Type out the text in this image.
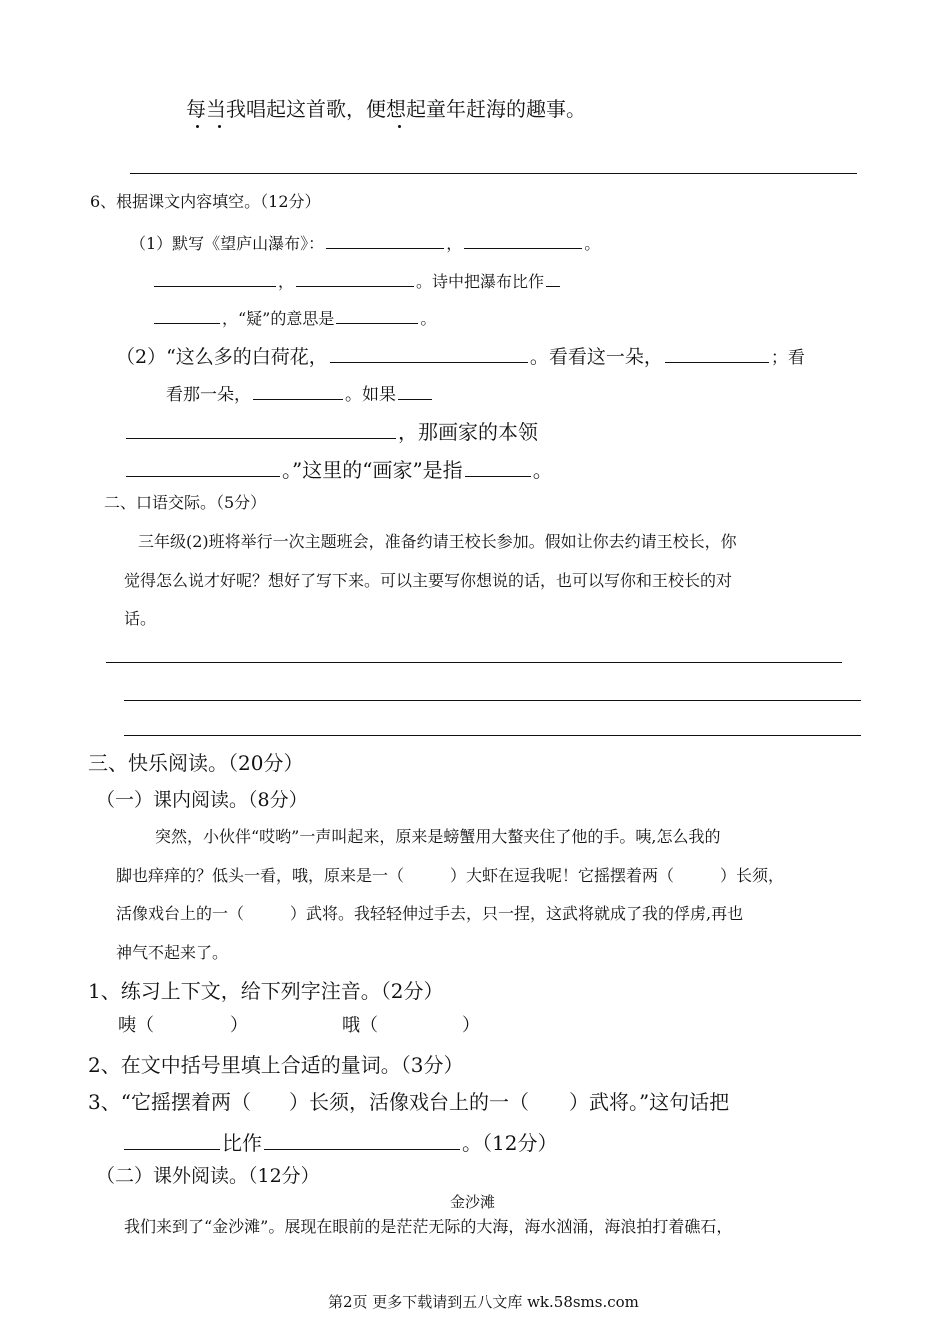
每当我唱起这首歌，便想起童年赶海的趣事。
6、根据课文内容填空。（12分）
（1）默写《望庐山瀑布》：	，	。
，	。诗中把瀑布比作
，“疑”的意思是	。
（2）“这么多的白荷花，	。看看这一朵，	；看
看那一朵，	。如果
，那画家的本领
。”这里的“画家”是指	。
二、口语交际。（5分）
三年级(2)班将举行一次主题班会，准备约请王校长参加。假如让你去约请王校长，你
觉得怎么说才好呢？想好了写下来。可以主要写你想说的话，也可以写你和王校长的对
话。
三、快乐阅读。（20分）
（一）课内阅读。（8分）
突然，小伙伴“哎哟”一声叫起来，原来是螃蟹用大螯夹住了他的手。咦,怎么我的
脚也痒痒的？低头一看，哦，原来是一（	）大虾在逗我呢！它摇摆着两（	）长须，
活像戏台上的一（	）武将。我轻轻伸过手去，只一捏，这武将就成了我的俘虏,再也
神气不起来了。
1、练习上下文，给下列字注音。（2分）
咦（	）	哦（	）
2、在文中括号里填上合适的量词。（3分）
3、“它摇摆着两（ ）长须，活像戏台上的一（ ）武将。”这句话把
比作	。（12分）
（二）课外阅读。（12分）
金沙滩
我们来到了“金沙滩”。展现在眼前的是茫茫无际的大海，海水汹涌，海浪拍打着礁石，
第2页 更多下载请到五八文库 wk.58sms.com
